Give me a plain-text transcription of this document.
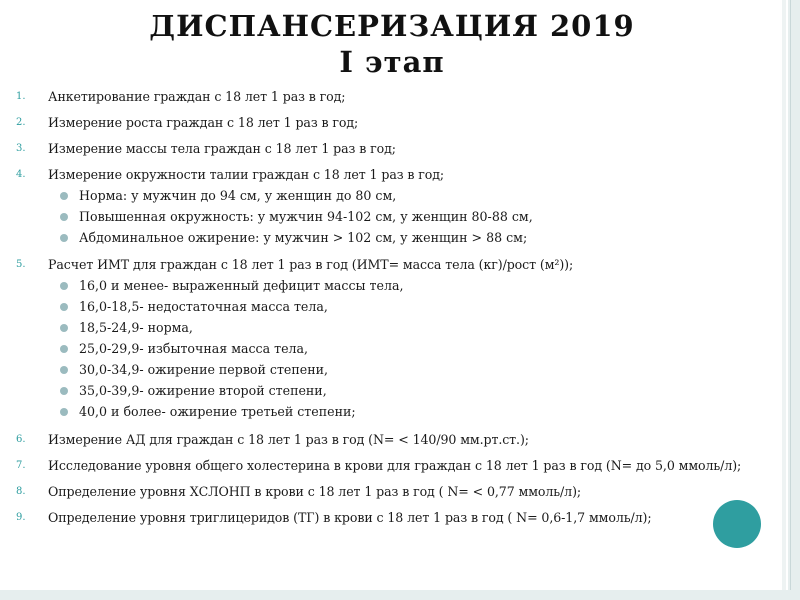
ДИСПАНСЕРИЗАЦИЯ 2019
I этап
1.	Анкетирование граждан с 18 лет 1 раз в год;
2.	Измерение роста граждан с 18 лет 1 раз в год;
3.	Измерение массы тела граждан с 18 лет 1 раз в год;
4.	Измерение окружности талии граждан с 18 лет 1 раз в год;
Норма: у мужчин до 94 см, у женщин до 80 см,
Повышенная окружность: у мужчин 94-102 см, у женщин 80-88 см,
Абдоминальное ожирение: у мужчин > 102 см, у женщин > 88 см;
5.	Расчет ИМТ для граждан с 18 лет 1 раз в год (ИМТ= масса тела (кг)/рост (м²));
16,0 и менее- выраженный дефицит массы тела,
16,0-18,5- недостаточная масса тела,
18,5-24,9- норма,
25,0-29,9- избыточная масса тела,
30,0-34,9- ожирение первой степени,
35,0-39,9- ожирение второй степени,
40,0 и более- ожирение третьей степени;
6.	Измерение АД для граждан с 18 лет 1 раз в год (N= < 140/90 мм.рт.ст.);
7.	Исследование уровня общего холестерина в крови для граждан с 18 лет 1 раз в год (N= до 5,0 ммоль/л);
8.	Определение уровня ХСЛОНП в крови с 18 лет 1 раз в год ( N= < 0,77 ммоль/л);
9.	Определение уровня триглицеридов (ТГ) в крови с 18 лет 1 раз в год ( N= 0,6-1,7 ммоль/л);
